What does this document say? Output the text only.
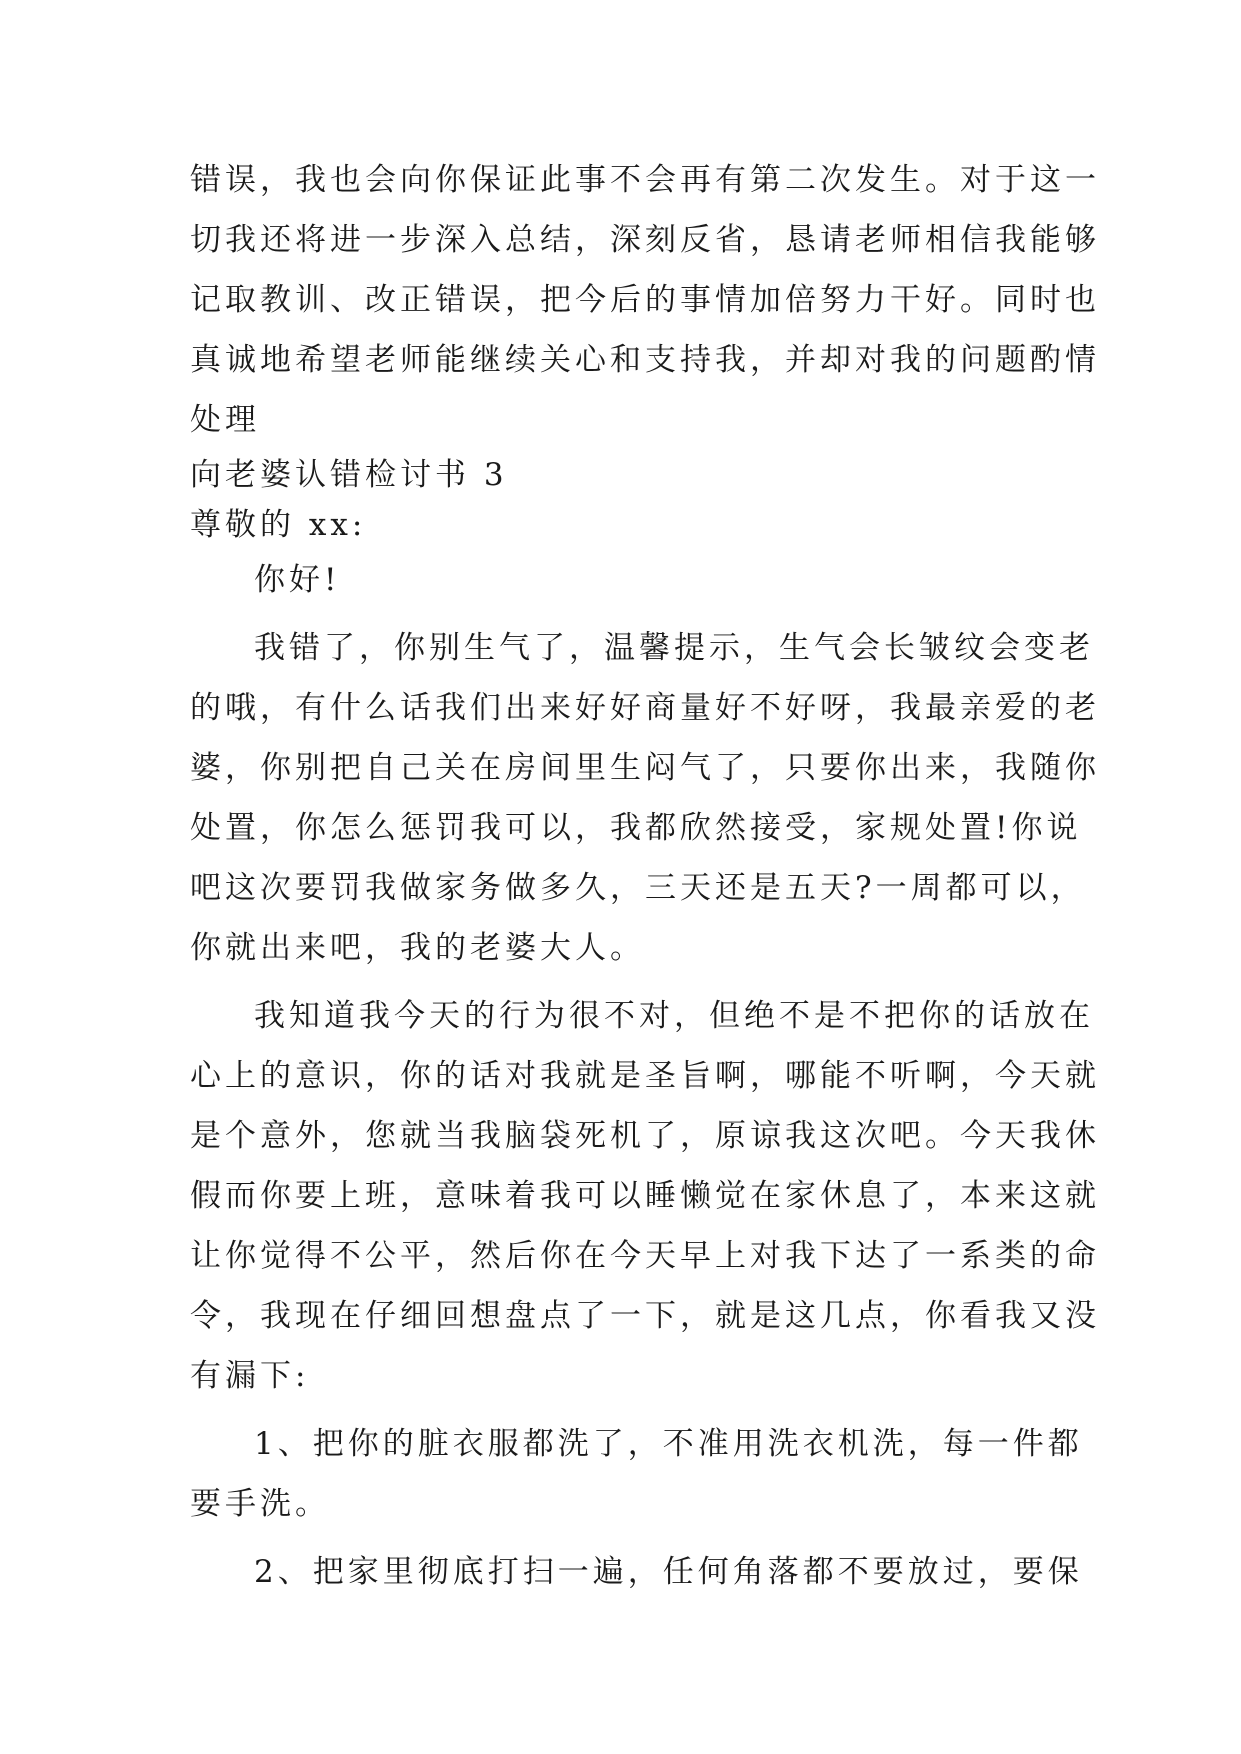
错误，我也会向你保证此事不会再有第二次发生。对于这一
切我还将进一步深入总结，深刻反省，恳请老师相信我能够
记取教训、改正错误，把今后的事情加倍努力干好。同时也
真诚地希望老师能继续关心和支持我，并却对我的问题酌情
处理
向老婆认错检讨书 3
尊敬的 xx:
你好!
我错了，你别生气了，温馨提示，生气会长皱纹会变老
的哦，有什么话我们出来好好商量好不好呀，我最亲爱的老
婆，你别把自己关在房间里生闷气了，只要你出来，我随你
处置，你怎么惩罚我可以，我都欣然接受，家规处置!你说
吧这次要罚我做家务做多久，三天还是五天?一周都可以，
你就出来吧，我的老婆大人。
我知道我今天的行为很不对，但绝不是不把你的话放在
心上的意识，你的话对我就是圣旨啊，哪能不听啊，今天就
是个意外，您就当我脑袋死机了，原谅我这次吧。今天我休
假而你要上班，意味着我可以睡懒觉在家休息了，本来这就
让你觉得不公平，然后你在今天早上对我下达了一系类的命
令，我现在仔细回想盘点了一下，就是这几点，你看我又没
有漏下:
1、把你的脏衣服都洗了，不准用洗衣机洗，每一件都
要手洗。
2、把家里彻底打扫一遍，任何角落都不要放过，要保
